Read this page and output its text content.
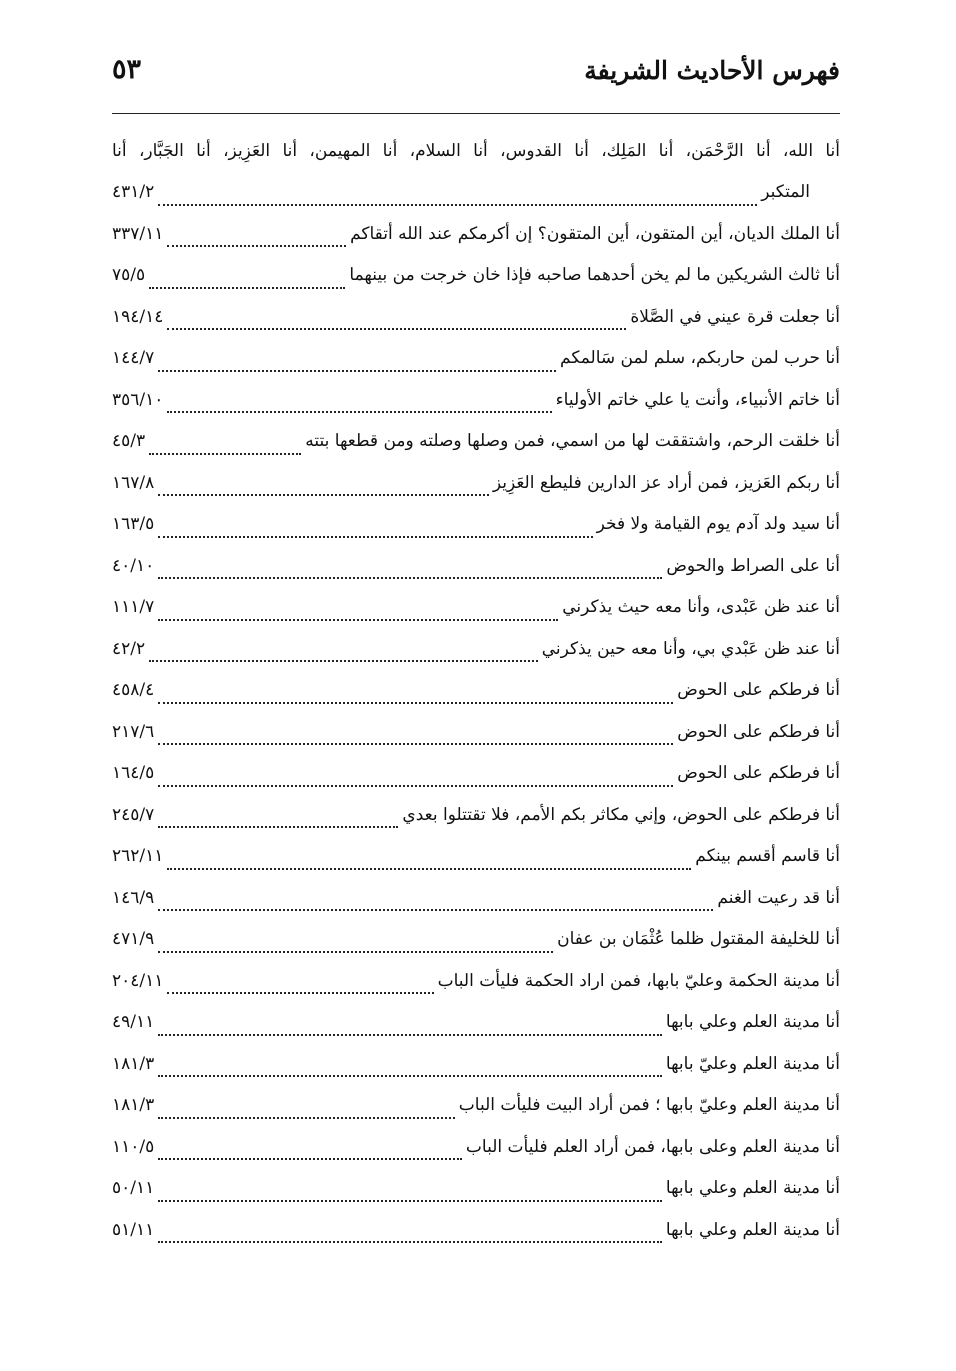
فهرس الأحاديث الشريفة
٥٣
أنا الله، أنا الرَّحْمَن، أنا المَلِك، أنا القدوس، أنا السلام، أنا المهيمن، أنا العَزِيز، أنا الجَبَّار، أنا
المتكبر
٤٣١/٢
أنا الملك الديان، أين المتقون، أين المتقون؟ إن أكرمكم عند الله أتقاكم
٣٣٧/١١
أنا ثالث الشريكين ما لم يخن أحدهما صاحبه فإذا خان خرجت من بينهما
٧٥/٥
أنا جعلت قرة عيني في الصَّلاة
١٩٤/١٤
أنا حرب لمن حاربكم، سلم لمن سَالمكم
١٤٤/٧
أنا خاتم الأنبياء، وأنت يا علي خاتم الأولياء
٣٥٦/١٠
أنا خلقت الرحم، واشتققت لها من اسمي، فمن وصلها وصلته ومن قطعها بتته
٤٥/٣
أنا ربكم العَزيز، فمن أراد عز الدارين فليطع العَزِيز
١٦٧/٨
أنا سيد ولد آدم يوم القيامة ولا فخر
١٦٣/٥
أنا على الصراط والحوض
٤٠/١٠
أنا عند ظن عَبْدى، وأنا معه حيث يذكرني
١١١/٧
أنا عند ظن عَبْدي بي، وأنا معه حين يذكرني
٤٢/٢
أنا فرطكم على الحوض
٤٥٨/٤
أنا فرطكم على الحوض
٢١٧/٦
أنا فرطكم على الحوض
١٦٤/٥
أنا فرطكم على الحوض، وإني مكاثر بكم الأمم، فلا تقتتلوا بعدي
٢٤٥/٧
أنا قاسم أقسم بينكم
٢٦٢/١١
أنا قد رعيت الغنم
١٤٦/٩
أنا للخليفة المقتول ظلما عُثْمَان بن عفان
٤٧١/٩
أنا مدينة الحكمة وعليّ بابها، فمن اراد الحكمة فليأت الباب
٢٠٤/١١
أنا مدينة العلم وعلي بابها
٤٩/١١
أنا مدينة العلم وعليّ بابها
١٨١/٣
أنا مدينة العلم وعليّ بابها ؛ فمن أراد البيت فليأت الباب
١٨١/٣
أنا مدينة العلم وعلى بابها، فمن أراد العلم فليأت الباب
١١٠/٥
أنا مدينة العلم وعلي بابها
٥٠/١١
أنا مدينة العلم وعلي بابها
٥١/١١
